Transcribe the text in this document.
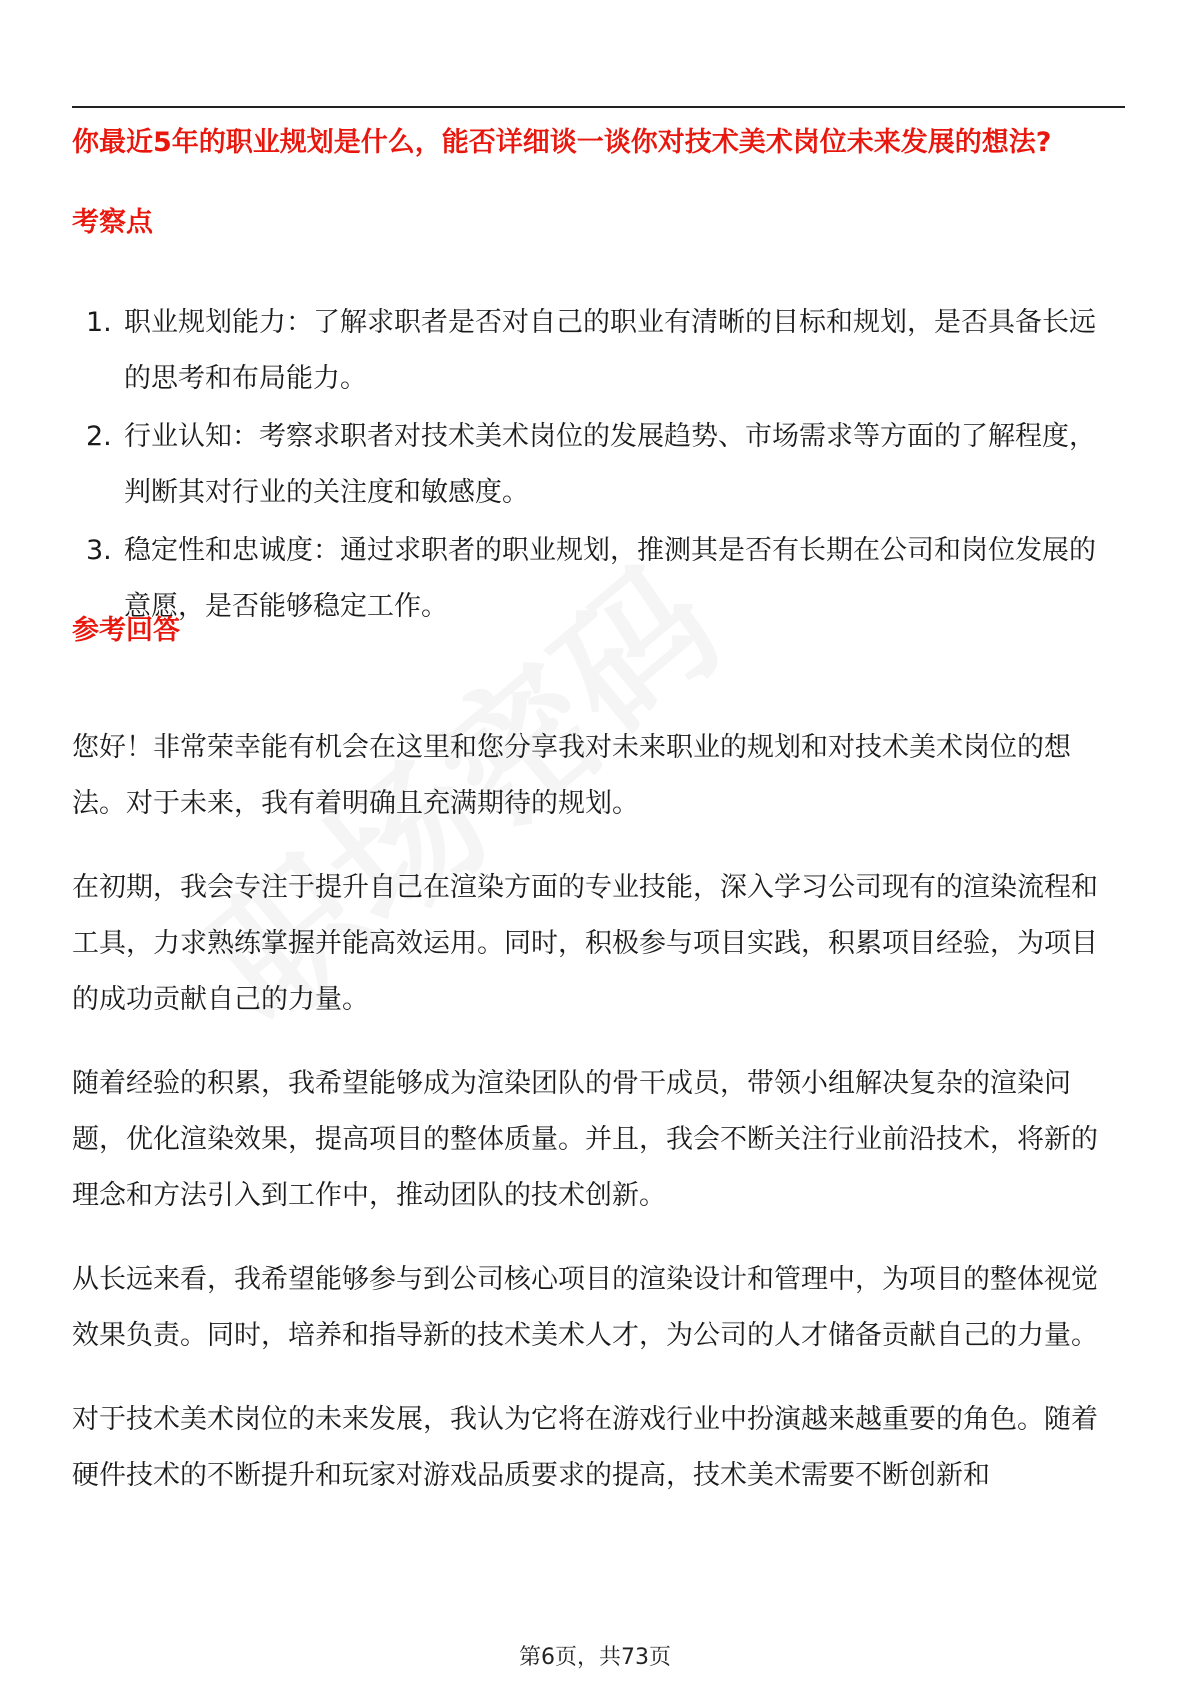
你最近5年的职业规划是什么，能否详细谈一谈你对技术美术岗位未来发展的想法?
考察点
1. 职业规划能力：了解求职者是否对自己的职业有清晰的目标和规划，是否具备长远的思考和布局能力。
2. 行业认知：考察求职者对技术美术岗位的发展趋势、市场需求等方面的了解程度，判断其对行业的关注度和敏感度。
3. 稳定性和忠诚度：通过求职者的职业规划，推测其是否有长期在公司和岗位发展的意愿，是否能够稳定工作。
参考回答

您好！非常荣幸能有机会在这里和您分享我对未来职业的规划和对技术美术岗位的想法。对于未来，我有着明确且充满期待的规划。

在初期，我会专注于提升自己在渲染方面的专业技能，深入学习公司现有的渲染流程和工具，力求熟练掌握并能高效运用。同时，积极参与项目实践，积累项目经验，为项目的成功贡献自己的力量。

随着经验的积累，我希望能够成为渲染团队的骨干成员，带领小组解决复杂的渲染问题，优化渲染效果，提高项目的整体质量。并且，我会不断关注行业前沿技术，将新的理念和方法引入到工作中，推动团队的技术创新。

从长远来看，我希望能够参与到公司核心项目的渲染设计和管理中，为项目的整体视觉效果负责。同时，培养和指导新的技术美术人才，为公司的人才储备贡献自己的力量。

对于技术美术岗位的未来发展，我认为它将在游戏行业中扮演越来越重要的角色。随着硬件技术的不断提升和玩家对游戏品质要求的提高，技术美术需要不断创新和

第6页，共73页
